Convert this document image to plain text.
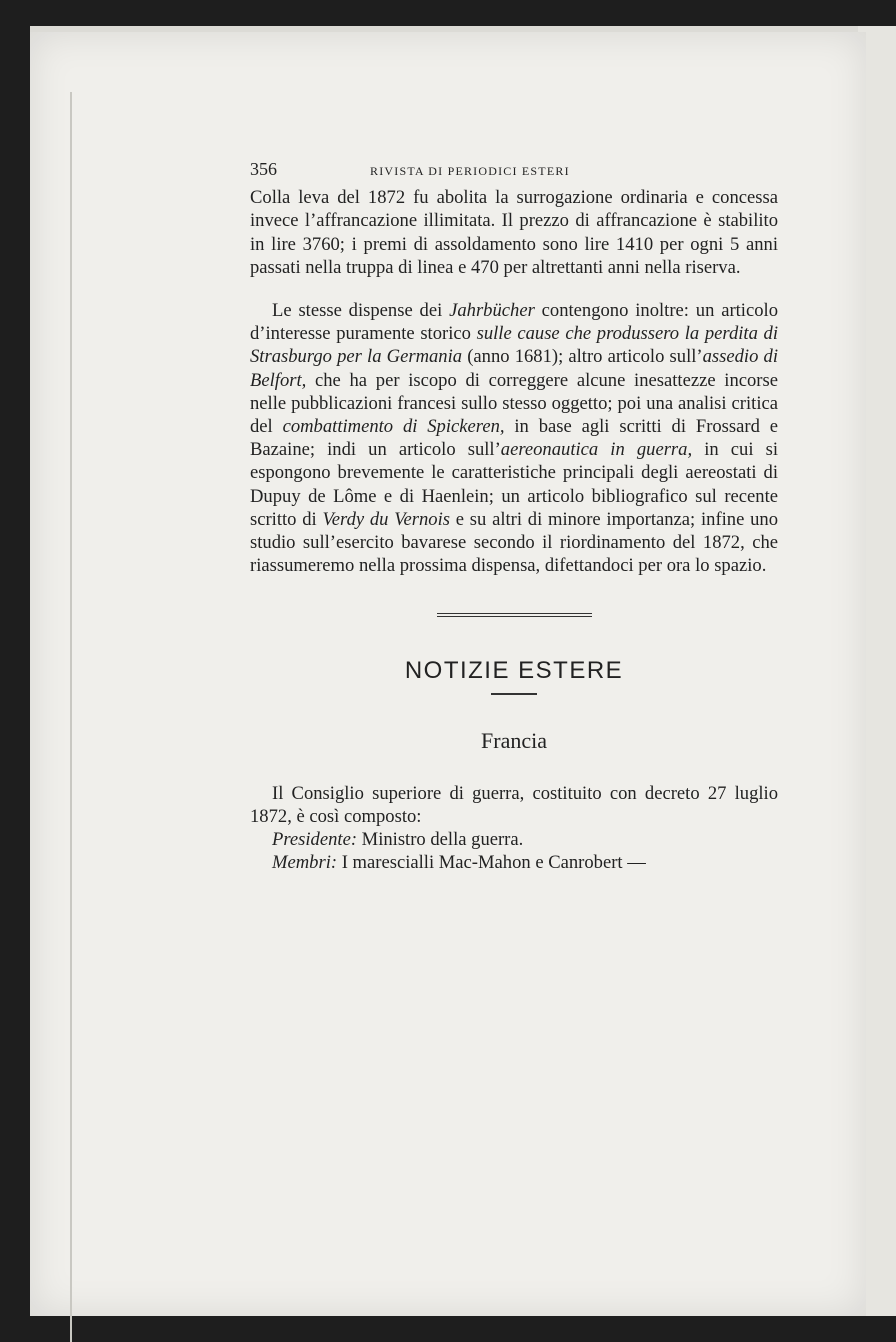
356	RIVISTA DI PERIODICI ESTERI

Colla leva del 1872 fu abolita la surrogazione ordinaria e concessa invece l’affrancazione illimitata. Il prezzo di affrancazione è stabilito in lire 3760; i premi di assoldamento sono lire 1410 per ogni 5 anni passati nella truppa di linea e 470 per altrettanti anni nella riserva.

Le stesse dispense dei Jahrbücher contengono inoltre: un articolo d’interesse puramente storico sulle cause che produssero la perdita di Strasburgo per la Germania (anno 1681); altro articolo sull’assedio di Belfort, che ha per iscopo di correggere alcune inesattezze incorse nelle pubblicazioni francesi sullo stesso oggetto; poi una analisi critica del combattimento di Spickeren, in base agli scritti di Frossard e Bazaine; indi un articolo sull’aereonautica in guerra, in cui si espongono brevemente le caratteristiche principali degli aereostati di Dupuy de Lôme e di Haenlein; un articolo bibliografico sul recente scritto di Verdy du Vernois e su altri di minore importanza; infine uno studio sull’esercito bavarese secondo il riordinamento del 1872, che riassumeremo nella prossima dispensa, difettandoci per ora lo spazio.

NOTIZIE ESTERE
Francia

Il Consiglio superiore di guerra, costituito con decreto 27 luglio 1872, è così composto:

Presidente: Ministro della guerra.

Membri: I marescialli Mac-Mahon e Canrobert —
